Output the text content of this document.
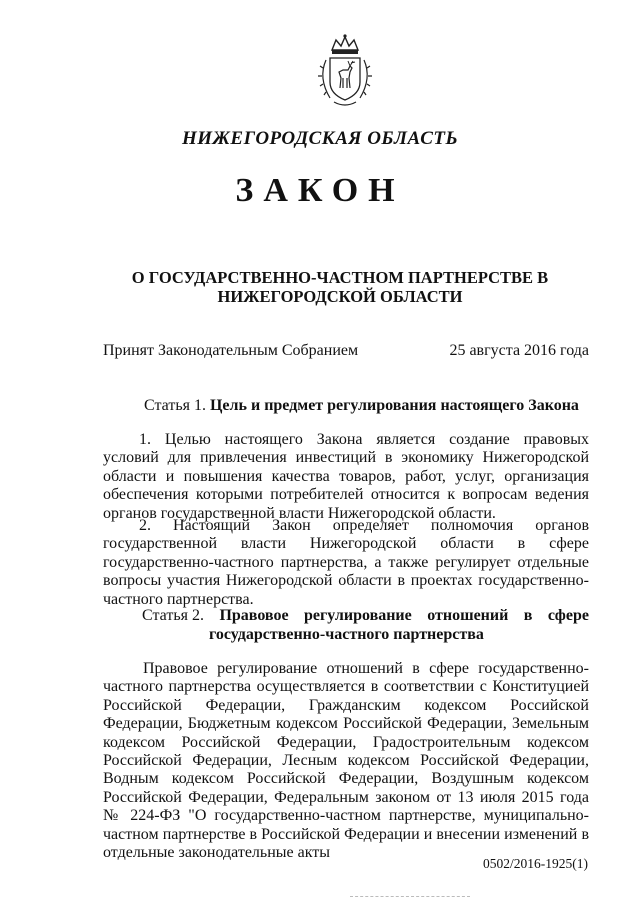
НИЖЕГОРОДСКАЯ ОБЛАСТЬ
ЗАКОН
О ГОСУДАРСТВЕННО-ЧАСТНОМ ПАРТНЕРСТВЕ В НИЖЕГОРОДСКОЙ ОБЛАСТИ
Принят Законодательным Собранием	25 августа 2016 года
Статья 1. Цель и предмет регулирования настоящего Закона
1. Целью настоящего Закона является создание правовых условий для привлечения инвестиций в экономику Нижегородской области и повышения качества товаров, работ, услуг, организация обеспечения которыми потребителей относится к вопросам ведения органов государственной власти Нижегородской области.
2. Настоящий Закон определяет полномочия органов государственной власти Нижегородской области в сфере государственно-частного партнерства, а также регулирует отдельные вопросы участия Нижегородской области в проектах государственно-частного партнерства.
Статья 2. Правовое регулирование отношений в сфере
государственно-частного партнерства
Правовое регулирование отношений в сфере государственно-частного партнерства осуществляется в соответствии с Конституцией Российской Федерации, Гражданским кодексом Российской Федерации, Бюджетным кодексом Российской Федерации, Земельным кодексом Российской Федерации, Градостроительным кодексом Российской Федерации, Лесным кодексом Российской Федерации, Водным кодексом Российской Федерации, Воздушным кодексом Российской Федерации, Федеральным законом от 13 июля 2015 года № 224-ФЗ "О государственно-частном партнерстве, муниципально-частном партнерстве в Российской Федерации и внесении изменений в отдельные законодательные акты
0502/2016-1925(1)
